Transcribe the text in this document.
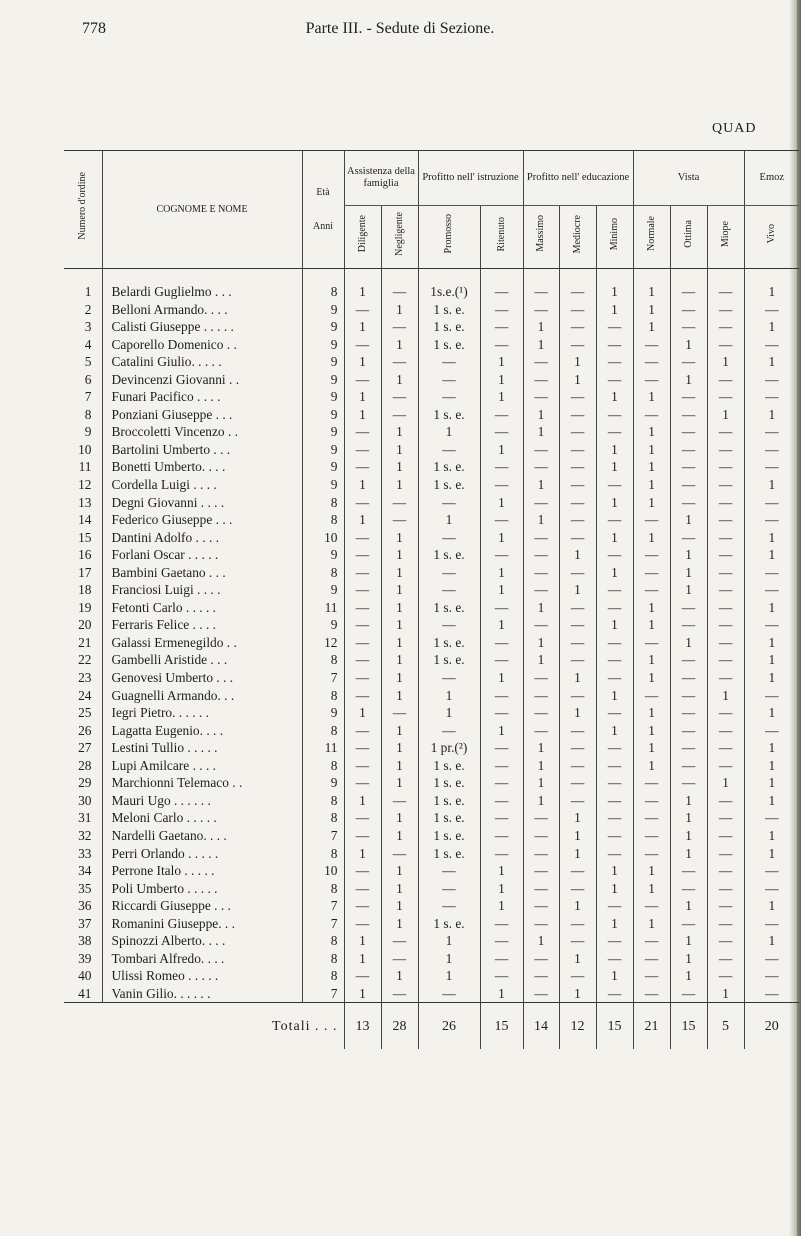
778	Parte III. - Sedute di Sezione.
QUAD
Numero d'ordine	COGNOME E NOME	Età
Anni	Assistenza della famiglia		Profitto nell' istruzione		Profitto nell' educazione			Vista			Emoz
			Diligente	Negligente	Promosso	Ritenuto	Massimo	Mediocre	Minimo	Normale	Ottima	Miope	Vivo

1	Belardi Guglielmo . . .	8	1	—	1s.e.(¹)	—	—	—	1	1	—	—	1
2	Belloni Armando. . . .	9	—	1	1 s. e.	—	—	—	1	1	—	—	—
3	Calisti Giuseppe . . . . .	9	1	—	1 s. e.	—	1	—	—	1	—	—	1
4	Caporello Domenico . .	9	—	1	1 s. e.	—	1	—	—	—	1	—	—
5	Catalini Giulio. . . . .	9	1	—	—	1	—	1	—	—	—	1	1
6	Devincenzi Giovanni . .	9	—	1	—	1	—	1	—	—	1	—	—
7	Funari Pacifico . . . .	9	1	—	—	1	—	—	1	1	—	—	—
8	Ponziani Giuseppe . . .	9	1	—	1 s. e.	—	1	—	—	—	—	1	1
9	Broccoletti Vincenzo . .	9	—	1	1	—	1	—	—	1	—	—	—
10	Bartolini Umberto . . .	9	—	1	—	1	—	—	1	1	—	—	—
11	Bonetti Umberto. . . .	9	—	1	1 s. e.	—	—	—	1	1	—	—	—
12	Cordella Luigi . . . .	9	1	1	1 s. e.	—	1	—	—	1	—	—	1
13	Degni Giovanni . . . .	8	—	—	—	1	—	—	1	1	—	—	—
14	Federico Giuseppe . . .	8	1	—	1	—	1	—	—	—	1	—	—
15	Dantini Adolfo . . . .	10	—	1	—	1	—	—	1	1	—	—	1
16	Forlani Oscar . . . . .	9	—	1	1 s. e.	—	—	1	—	—	1	—	1
17	Bambini Gaetano . . .	8	—	1	—	1	—	—	1	—	1	—	—
18	Franciosi Luigi . . . .	9	—	1	—	1	—	1	—	—	1	—	—
19	Fetonti Carlo . . . . .	11	—	1	1 s. e.	—	1	—	—	1	—	—	1
20	Ferraris Felice . . . .	9	—	1	—	1	—	—	1	1	—	—	—
21	Galassi Ermenegildo . .	12	—	1	1 s. e.	—	1	—	—	—	1	—	1
22	Gambelli Aristide . . .	8	—	1	1 s. e.	—	1	—	—	1	—	—	1
23	Genovesi Umberto . . .	7	—	1	—	1	—	1	—	1	—	—	1
24	Guagnelli Armando. . .	8	—	1	1	—	—	—	1	—	—	1	—
25	Iegri Pietro. . . . . .	9	1	—	1	—	—	1	—	1	—	—	1
26	Lagatta Eugenio. . . .	8	—	1	—	1	—	—	1	1	—	—	—
27	Lestini Tullio . . . . .	11	—	1	1 pr.(²)	—	1	—	—	1	—	—	1
28	Lupi Amilcare . . . .	8	—	1	1 s. e.	—	1	—	—	1	—	—	1
29	Marchionni Telemaco . .	9	—	1	1 s. e.	—	1	—	—	—	—	1	1
30	Mauri Ugo . . . . . .	8	1	—	1 s. e.	—	1	—	—	—	1	—	1
31	Meloni Carlo . . . . .	8	—	1	1 s. e.	—	—	1	—	—	1	—	—
32	Nardelli Gaetano. . . .	7	—	1	1 s. e.	—	—	1	—	—	1	—	1
33	Perri Orlando . . . . .	8	1	—	1 s. e.	—	—	1	—	—	1	—	1
34	Perrone Italo . . . . .	10	—	1	—	1	—	—	1	1	—	—	—
35	Poli Umberto . . . . .	8	—	1	—	1	—	—	1	1	—	—	—
36	Riccardi Giuseppe . . .	7	—	1	—	1	—	1	—	—	1	—	1
37	Romanini Giuseppe. . .	7	—	1	1 s. e.	—	—	—	1	1	—	—	—
38	Spinozzi Alberto. . . .	8	1	—	1	—	1	—	—	—	1	—	1
39	Tombari Alfredo. . . .	8	1	—	1	—	—	1	—	—	1	—	—
40	Ulissi Romeo . . . . .	8	—	1	1	—	—	—	1	—	1	—	—
41	Vanin Gilio. . . . . .	7	1	—	—	1	—	1	—	—	—	1	—
Totali . . .			13	28	26	15	14	12	15	21	15	5	20
